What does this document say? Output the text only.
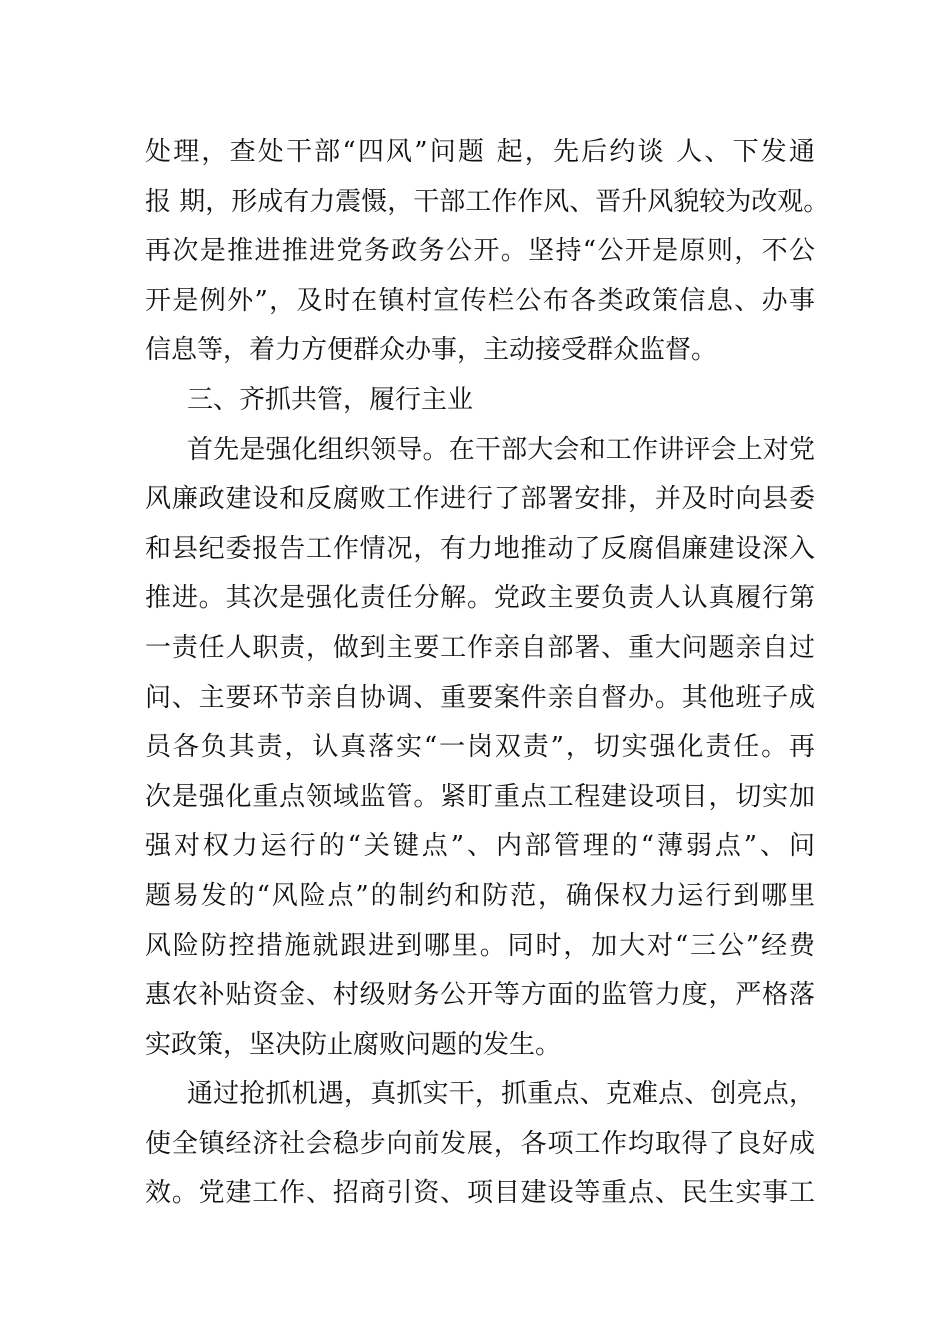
处理，查处干部“四风”问题 起，先后约谈 人、下发通
报 期，形成有力震慑，干部工作作风、晋升风貌较为改观。
再次是推进推进党务政务公开。坚持“公开是原则，不公
开是例外”，及时在镇村宣传栏公布各类政策信息、办事
信息等，着力方便群众办事，主动接受群众监督。
三、齐抓共管，履行主业
首先是强化组织领导。在干部大会和工作讲评会上对党
风廉政建设和反腐败工作进行了部署安排，并及时向县委
和县纪委报告工作情况，有力地推动了反腐倡廉建设深入
推进。其次是强化责任分解。党政主要负责人认真履行第
一责任人职责，做到主要工作亲自部署、重大问题亲自过
问、主要环节亲自协调、重要案件亲自督办。其他班子成
员各负其责，认真落实“一岗双责”，切实强化责任。再
次是强化重点领域监管。紧盯重点工程建设项目，切实加
强对权力运行的“关键点”、内部管理的“薄弱点”、问
题易发的“风险点”的制约和防范，确保权力运行到哪里
风险防控措施就跟进到哪里。同时，加大对“三公”经费
惠农补贴资金、村级财务公开等方面的监管力度，严格落
实政策，坚决防止腐败问题的发生。
通过抢抓机遇，真抓实干，抓重点、克难点、创亮点，
使全镇经济社会稳步向前发展，各项工作均取得了良好成
效。党建工作、招商引资、项目建设等重点、民生实事工
